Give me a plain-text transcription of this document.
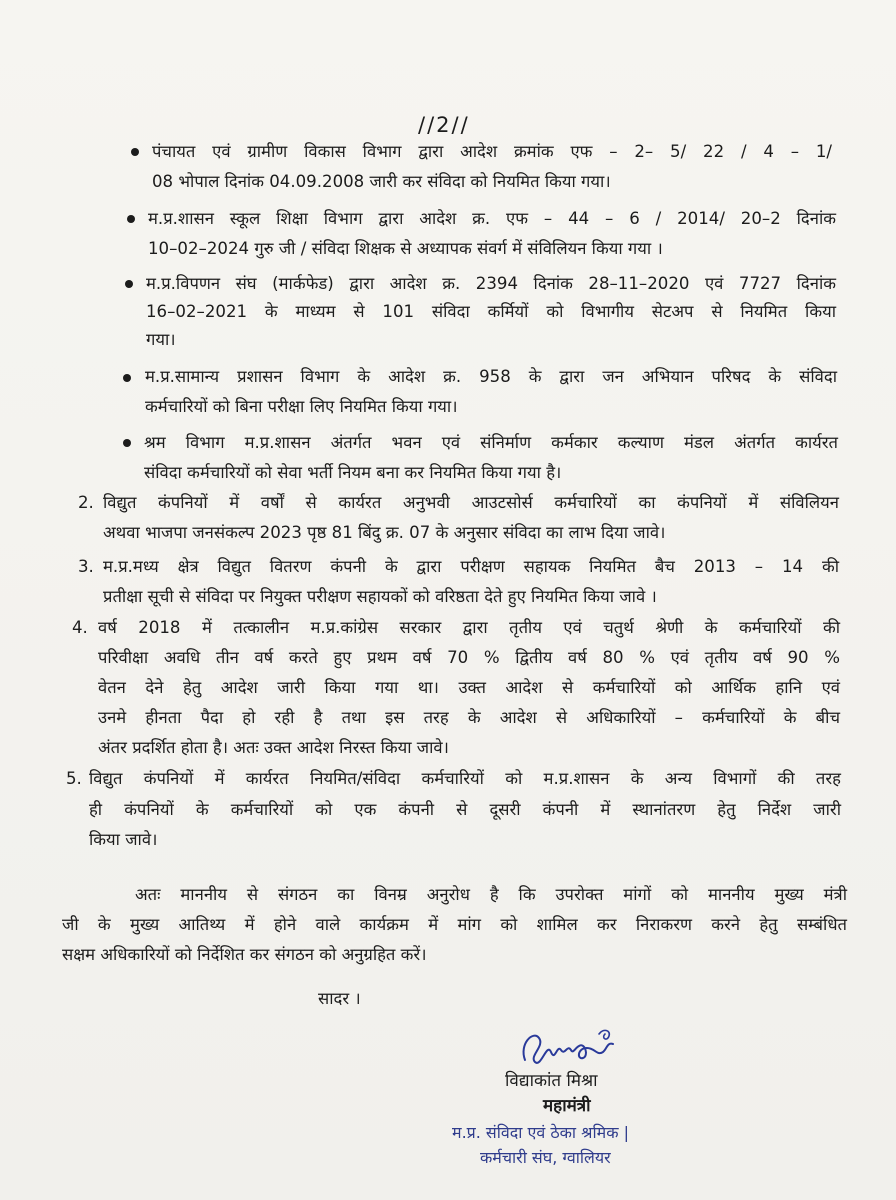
//2//
पंचायत एवं ग्रामीण विकास विभाग द्वारा आदेश क्रमांक एफ – 2– 5/ 22 / 4 – 1/
08 भोपाल दिनांक 04.09.2008 जारी कर संविदा को नियमित किया गया।
म.प्र.शासन स्कूल शिक्षा विभाग द्वारा आदेश क्र. एफ – 44 – 6 / 2014/ 20–2 दिनांक
10–02–2024 गुरु जी / संविदा शिक्षक से अध्यापक संवर्ग में संविलियन किया गया ।
म.प्र.विपणन संघ (मार्कफेड) द्वारा आदेश क्र. 2394 दिनांक 28–11–2020 एवं 7727 दिनांक
16–02–2021 के माध्यम से 101 संविदा कर्मियों को विभागीय सेटअप से नियमित किया
गया।
म.प्र.सामान्य प्रशासन विभाग के आदेश क्र. 958 के द्वारा जन अभियान परिषद के संविदा
कर्मचारियों को बिना परीक्षा लिए नियमित किया गया।
श्रम विभाग म.प्र.शासन अंतर्गत भवन एवं संनिर्माण कर्मकार कल्याण मंडल अंतर्गत कार्यरत
संविदा कर्मचारियों को सेवा भर्ती नियम बना कर नियमित किया गया है।
2. विद्युत कंपनियों में वर्षों से कार्यरत अनुभवी आउटसोर्स कर्मचारियों का कंपनियों में संविलियन
अथवा भाजपा जनसंकल्प 2023 पृष्ठ 81 बिंदु क्र. 07 के अनुसार संविदा का लाभ दिया जावे।
3. म.प्र.मध्य क्षेत्र विद्युत वितरण कंपनी के द्वारा परीक्षण सहायक नियमित बैच 2013 – 14 की
प्रतीक्षा सूची से संविदा पर नियुक्त परीक्षण सहायकों को वरिष्ठता देते हुए नियमित किया जावे ।
4. वर्ष 2018 में तत्कालीन म.प्र.कांग्रेस सरकार द्वारा तृतीय एवं चतुर्थ श्रेणी के कर्मचारियों की
परिवीक्षा अवधि तीन वर्ष करते हुए प्रथम वर्ष 70 % द्वितीय वर्ष 80 % एवं तृतीय वर्ष 90 %
वेतन देने हेतु आदेश जारी किया गया था। उक्त आदेश से कर्मचारियों को आर्थिक हानि एवं
उनमे हीनता पैदा हो रही है तथा इस तरह के आदेश से अधिकारियों – कर्मचारियों के बीच
अंतर प्रदर्शित होता है। अतः उक्त आदेश निरस्त किया जावे।
5. विद्युत कंपनियों में कार्यरत नियमित/संविदा कर्मचारियों को म.प्र.शासन के अन्य विभागों की तरह
ही कंपनियों के कर्मचारियों को एक कंपनी से दूसरी कंपनी में स्थानांतरण हेतु निर्देश जारी
किया जावे।
अतः माननीय से संगठन का विनम्र अनुरोध है कि उपरोक्त मांगों को माननीय मुख्य मंत्री
जी के मुख्य आतिथ्य में होने वाले कार्यक्रम में मांग को शामिल कर निराकरण करने हेतु सम्बंधित
सक्षम अधिकारियों को निर्देशित कर संगठन को अनुग्रहित करें।
सादर ।
विद्याकांत मिश्रा
महामंत्री
म.प्र. संविदा एवं ठेका श्रमिक |
कर्मचारी संघ, ग्वालियर
